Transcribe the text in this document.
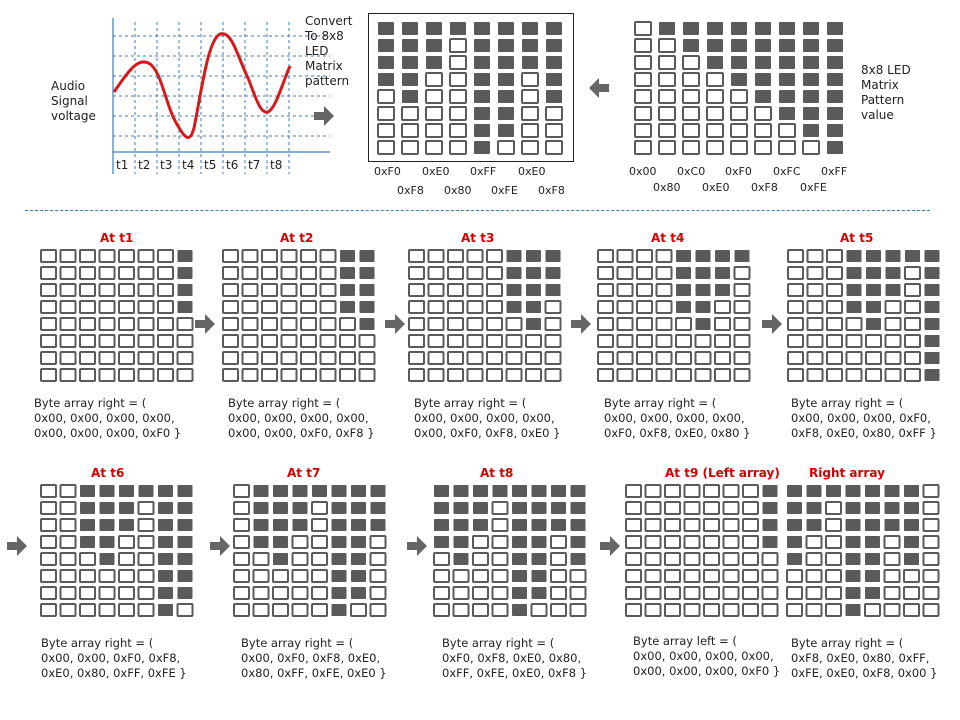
Audio
Signal
voltage
t1 t2 t3 t4 t5 t6 t7 t8
Convert
To 8x8
LED
Matrix
pattern
0xF0 0xE0 0xFF 0xE0
0xF8 0x80 0xFE 0xF8
0x00 0xC0 0xF0 0xFC 0xFF
0x80 0xE0 0xF8 0xFE
8x8 LED
Matrix
Pattern
value
At t1
Byte array right = (
0x00, 0x00, 0x00, 0x00,
0x00, 0x00, 0x00, 0xF0 }
At t2
Byte array right = (
0x00, 0x00, 0x00, 0x00,
0x00, 0x00, 0xF0, 0xF8 }
At t3
Byte array right = (
0x00, 0x00, 0x00, 0x00,
0x00, 0xF0, 0xF8, 0xE0 }
At t4
Byte array right = (
0x00, 0x00, 0x00, 0x00,
0xF0, 0xF8, 0xE0, 0x80 }
At t5
Byte array right = (
0x00, 0x00, 0x00, 0xF0,
0xF8, 0xE0, 0x80, 0xFF }
At t6
Byte array right = (
0x00, 0x00, 0xF0, 0xF8,
0xE0, 0x80, 0xFF, 0xFE }
At t7
Byte array right = (
0x00, 0xF0, 0xF8, 0xE0,
0x80, 0xFF, 0xFE, 0xE0 }
At t8
Byte array right = (
0xF0, 0xF8, 0xE0, 0x80,
0xFF, 0xFE, 0xE0, 0xF8 }
At t9 (Left array)
Byte array left = (
0x00, 0x00, 0x00, 0x00,
0x00, 0x00, 0x00, 0xF0 }
Right array
Byte array right = (
0xF8, 0xE0, 0x80, 0xFF,
0xFE, 0xE0, 0xF8, 0x00 }
